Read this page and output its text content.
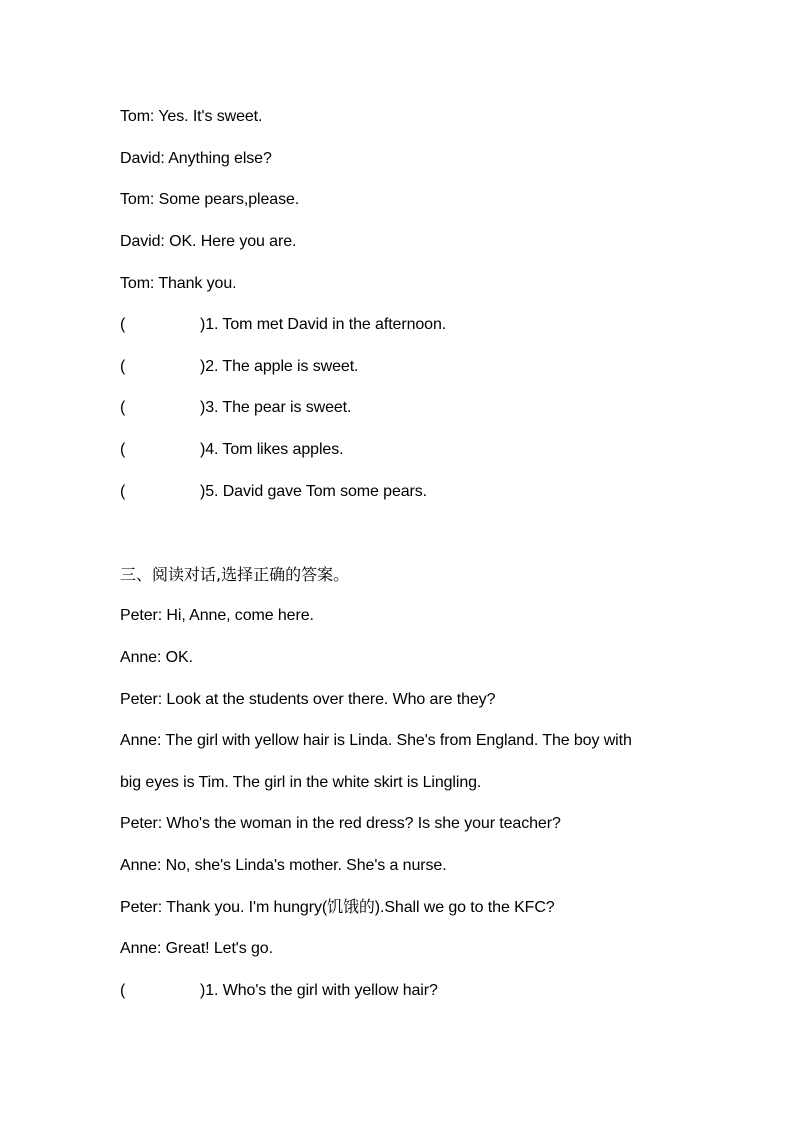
Tom: Yes. It's sweet.
David: Anything else?
Tom: Some pears,please.
David: OK. Here you are.
Tom: Thank you.
(	)1. Tom met David in the afternoon.
(	)2. The apple is sweet.
(	)3. The pear is sweet.
(	)4. Tom likes apples.
(	)5. David gave Tom some pears.
三、阅读对话,选择正确的答案。
Peter: Hi, Anne, come here.
Anne: OK.
Peter: Look at the students over there. Who are they?
Anne: The girl with yellow hair is Linda. She's from England. The boy with
big eyes is Tim. The girl in the white skirt is Lingling.
Peter: Who's the woman in the red dress? Is she your teacher?
Anne: No, she's Linda's mother. She's a nurse.
Peter: Thank you. I'm hungry(饥饿的).Shall we go to the KFC?
Anne: Great! Let's go.
(	)1. Who's the girl with yellow hair?
